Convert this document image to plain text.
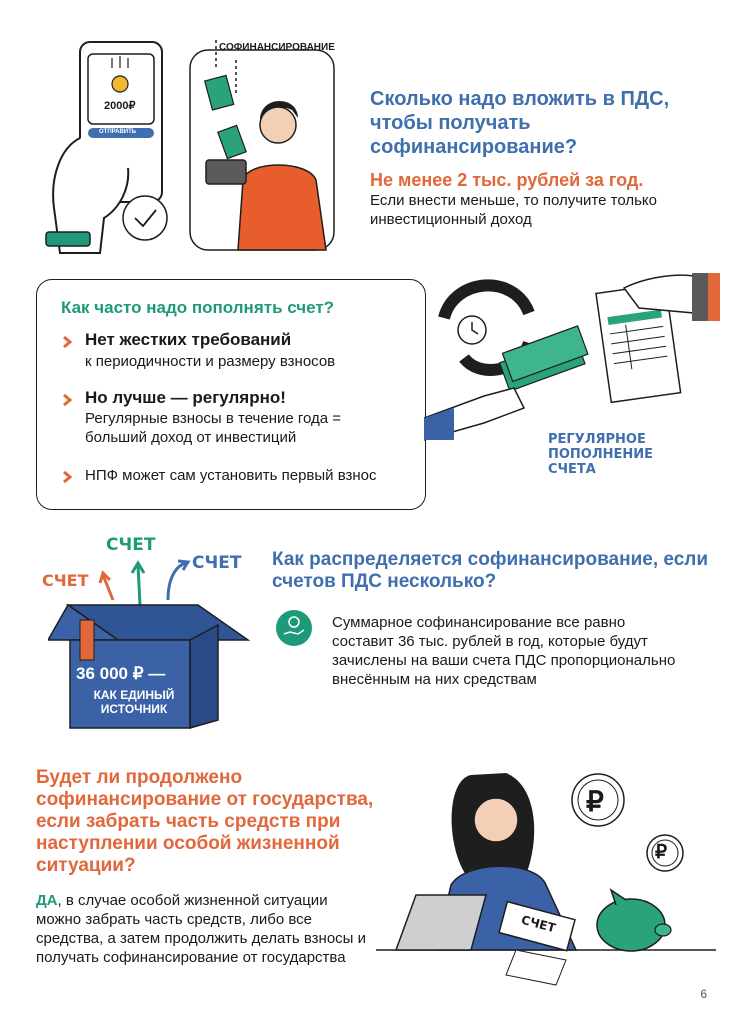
2000₽
ОТПРАВИТЬ
СОФИНАНСИРОВАНИЕ
Сколько надо вложить в ПДС, чтобы получать софинансирование?
Не менее 2 тыс. рублей за год.
Если внести меньше, то получите только инвестиционный доход
Как часто надо пополнять счет?
Нет жестких требований
к периодичности и размеру взносов
Но лучше — регулярно!
Регулярные взносы в течение года = больший доход от инвестиций
НПФ может сам установить первый взнос
РЕГУЛЯРНОЕ ПОПОЛНЕНИЕ СЧЕТА
СЧЕТ
СЧЕТ
СЧЕТ
36 000 ₽ —
КАК ЕДИНЫЙ ИСТОЧНИК
Как распределяется софинансирование, если счетов ПДС несколько?
Суммарное софинансирование все равно составит 36 тыс. рублей в год, которые будут зачислены на ваши счета ПДС пропорционально внесённым на них средствам
Будет ли продолжено софинансирование от государства, если забрать часть средств при наступлении особой жизненной ситуации?
ДА, в случае особой жизненной ситуации можно забрать часть средств, либо все средства, а затем продолжить делать взносы и получать софинансирование от государства
₽
₽
СЧЕТ
6
